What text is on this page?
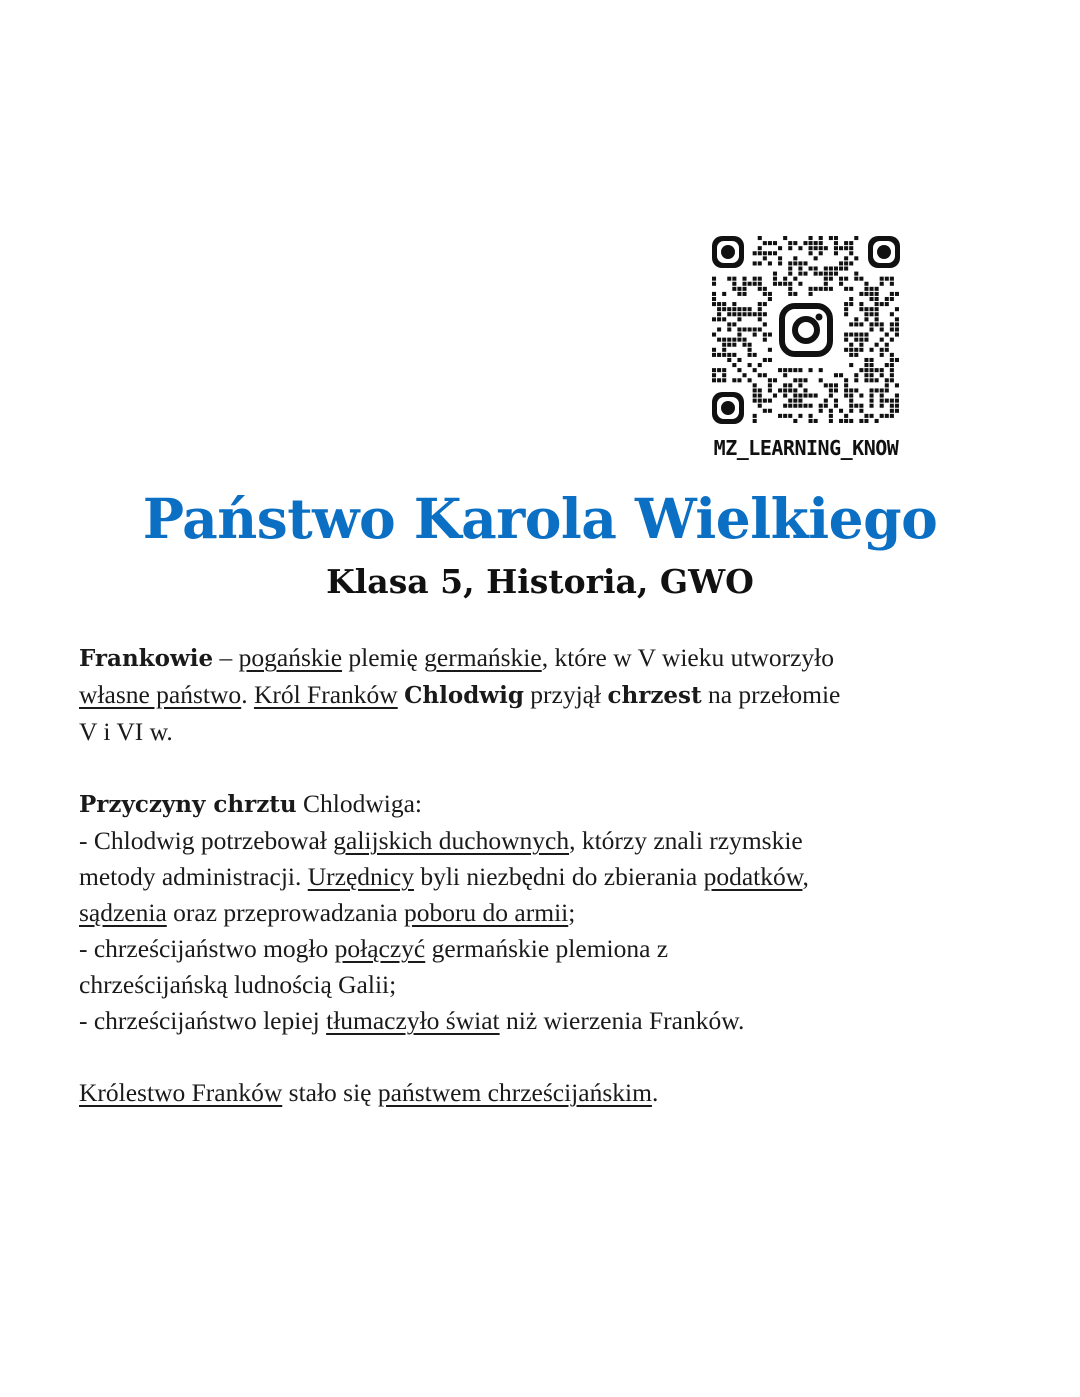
MZ_LEARNING_KNOW
Państwo Karola Wielkiego
Klasa 5, Historia, GWO

Frankowie – pogańskie plemię germańskie, które w V wieku utworzyło
własne państwo. Król Franków Chlodwig przyjął chrzest na przełomie
V i VI w.

Przyczyny chrztu Chlodwiga:
- Chlodwig potrzebował galijskich duchownych, którzy znali rzymskie
metody administracji. Urzędnicy byli niezbędni do zbierania podatków,
sądzenia oraz przeprowadzania poboru do armii;
- chrześcijaństwo mogło połączyć germańskie plemiona z
chrześcijańską ludnością Galii;
- chrześcijaństwo lepiej tłumaczyło świat niż wierzenia Franków.

Królestwo Franków stało się państwem chrześcijańskim.
